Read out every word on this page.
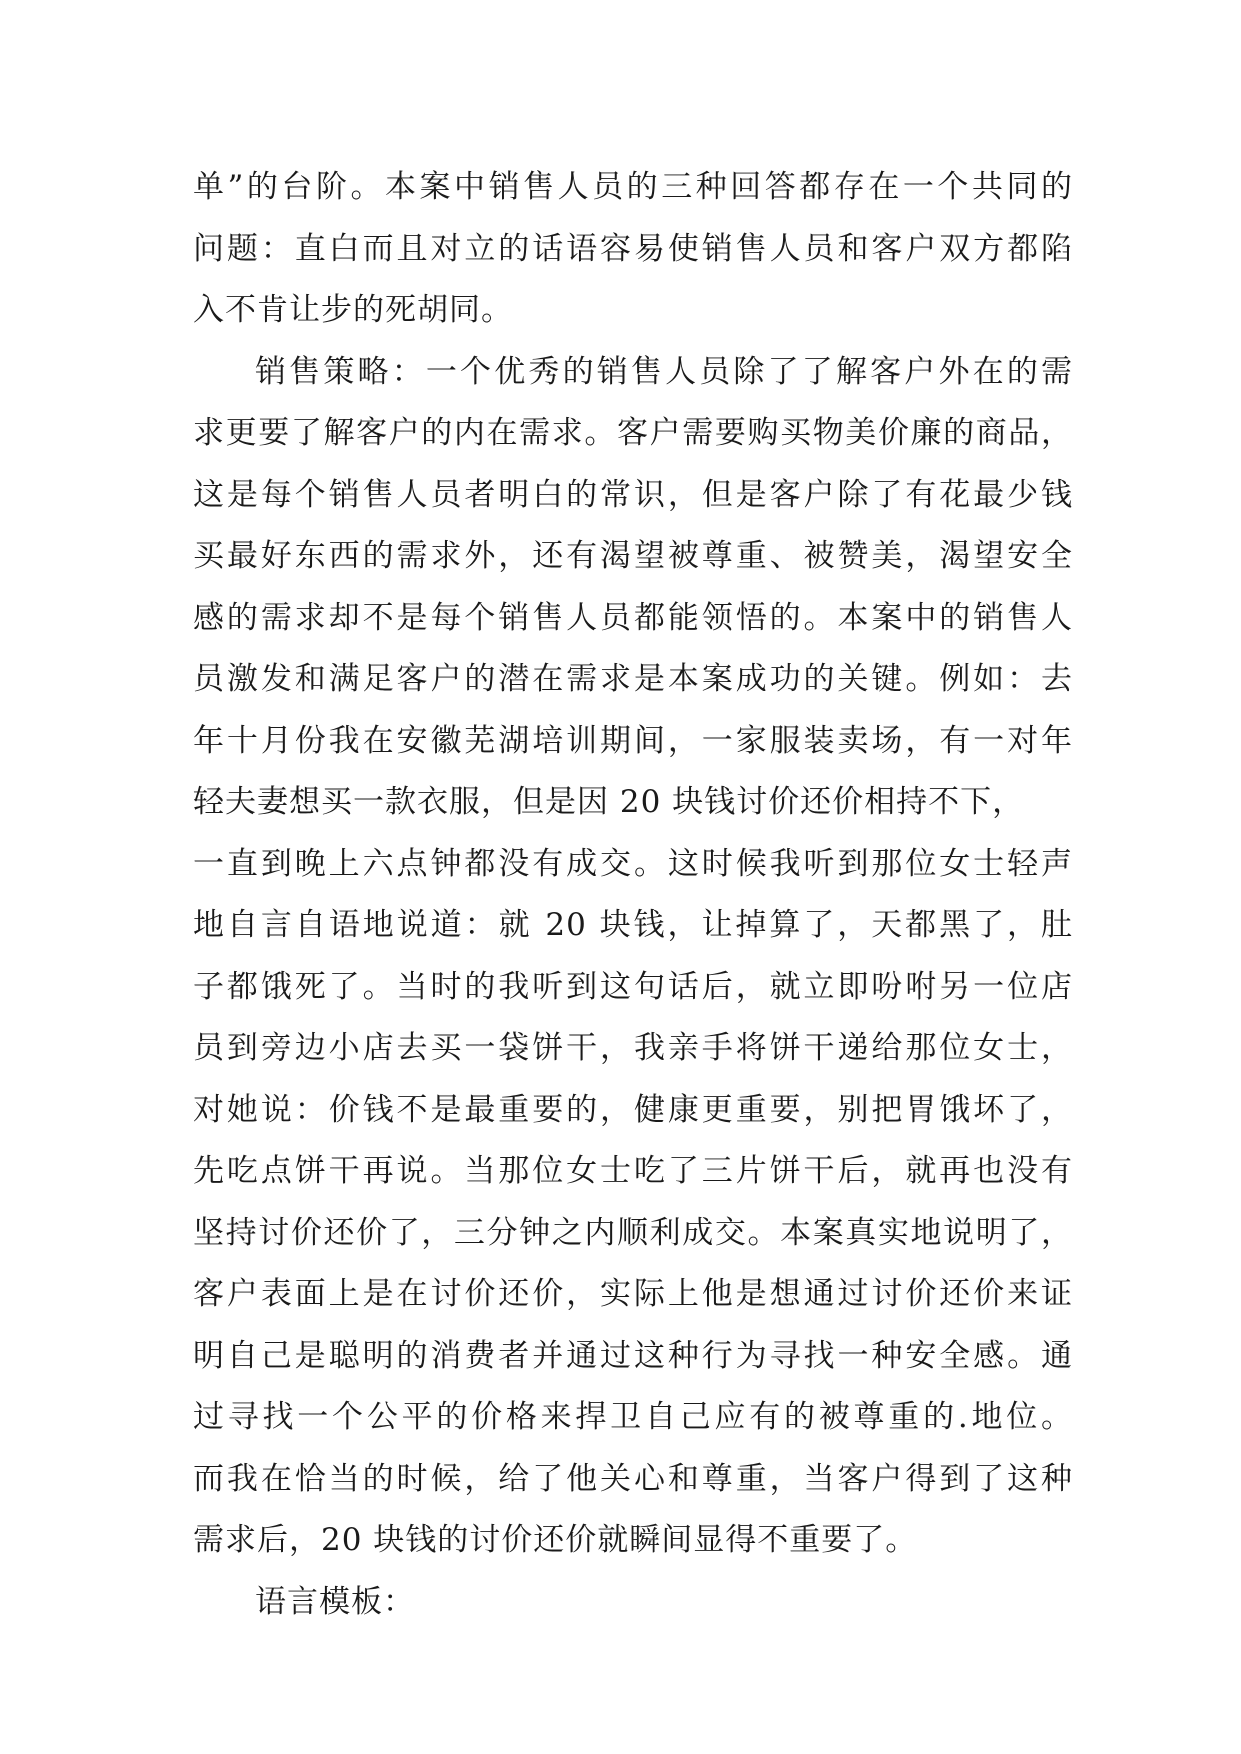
单”的台阶。本案中销售人员的三种回答都存在一个共同的
问题：直白而且对立的话语容易使销售人员和客户双方都陷
入不肯让步的死胡同。
销售策略：一个优秀的销售人员除了了解客户外在的需
求更要了解客户的内在需求。客户需要购买物美价廉的商品，
这是每个销售人员者明白的常识，但是客户除了有花最少钱
买最好东西的需求外，还有渴望被尊重、被赞美，渴望安全
感的需求却不是每个销售人员都能领悟的。本案中的销售人
员激发和满足客户的潜在需求是本案成功的关键。例如：去
年十月份我在安徽芜湖培训期间，一家服装卖场，有一对年
轻夫妻想买一款衣服，但是因 20 块钱讨价还价相持不下，
一直到晚上六点钟都没有成交。这时候我听到那位女士轻声
地自言自语地说道：就 20 块钱，让掉算了，天都黑了，肚
子都饿死了。当时的我听到这句话后，就立即吩咐另一位店
员到旁边小店去买一袋饼干，我亲手将饼干递给那位女士，
对她说：价钱不是最重要的，健康更重要，别把胃饿坏了，
先吃点饼干再说。当那位女士吃了三片饼干后，就再也没有
坚持讨价还价了，三分钟之内顺利成交。本案真实地说明了，
客户表面上是在讨价还价，实际上他是想通过讨价还价来证
明自己是聪明的消费者并通过这种行为寻找一种安全感。通
过寻找一个公平的价格来捍卫自己应有的被尊重的.地位。
而我在恰当的时候，给了他关心和尊重，当客户得到了这种
需求后，20 块钱的讨价还价就瞬间显得不重要了。
语言模板：
